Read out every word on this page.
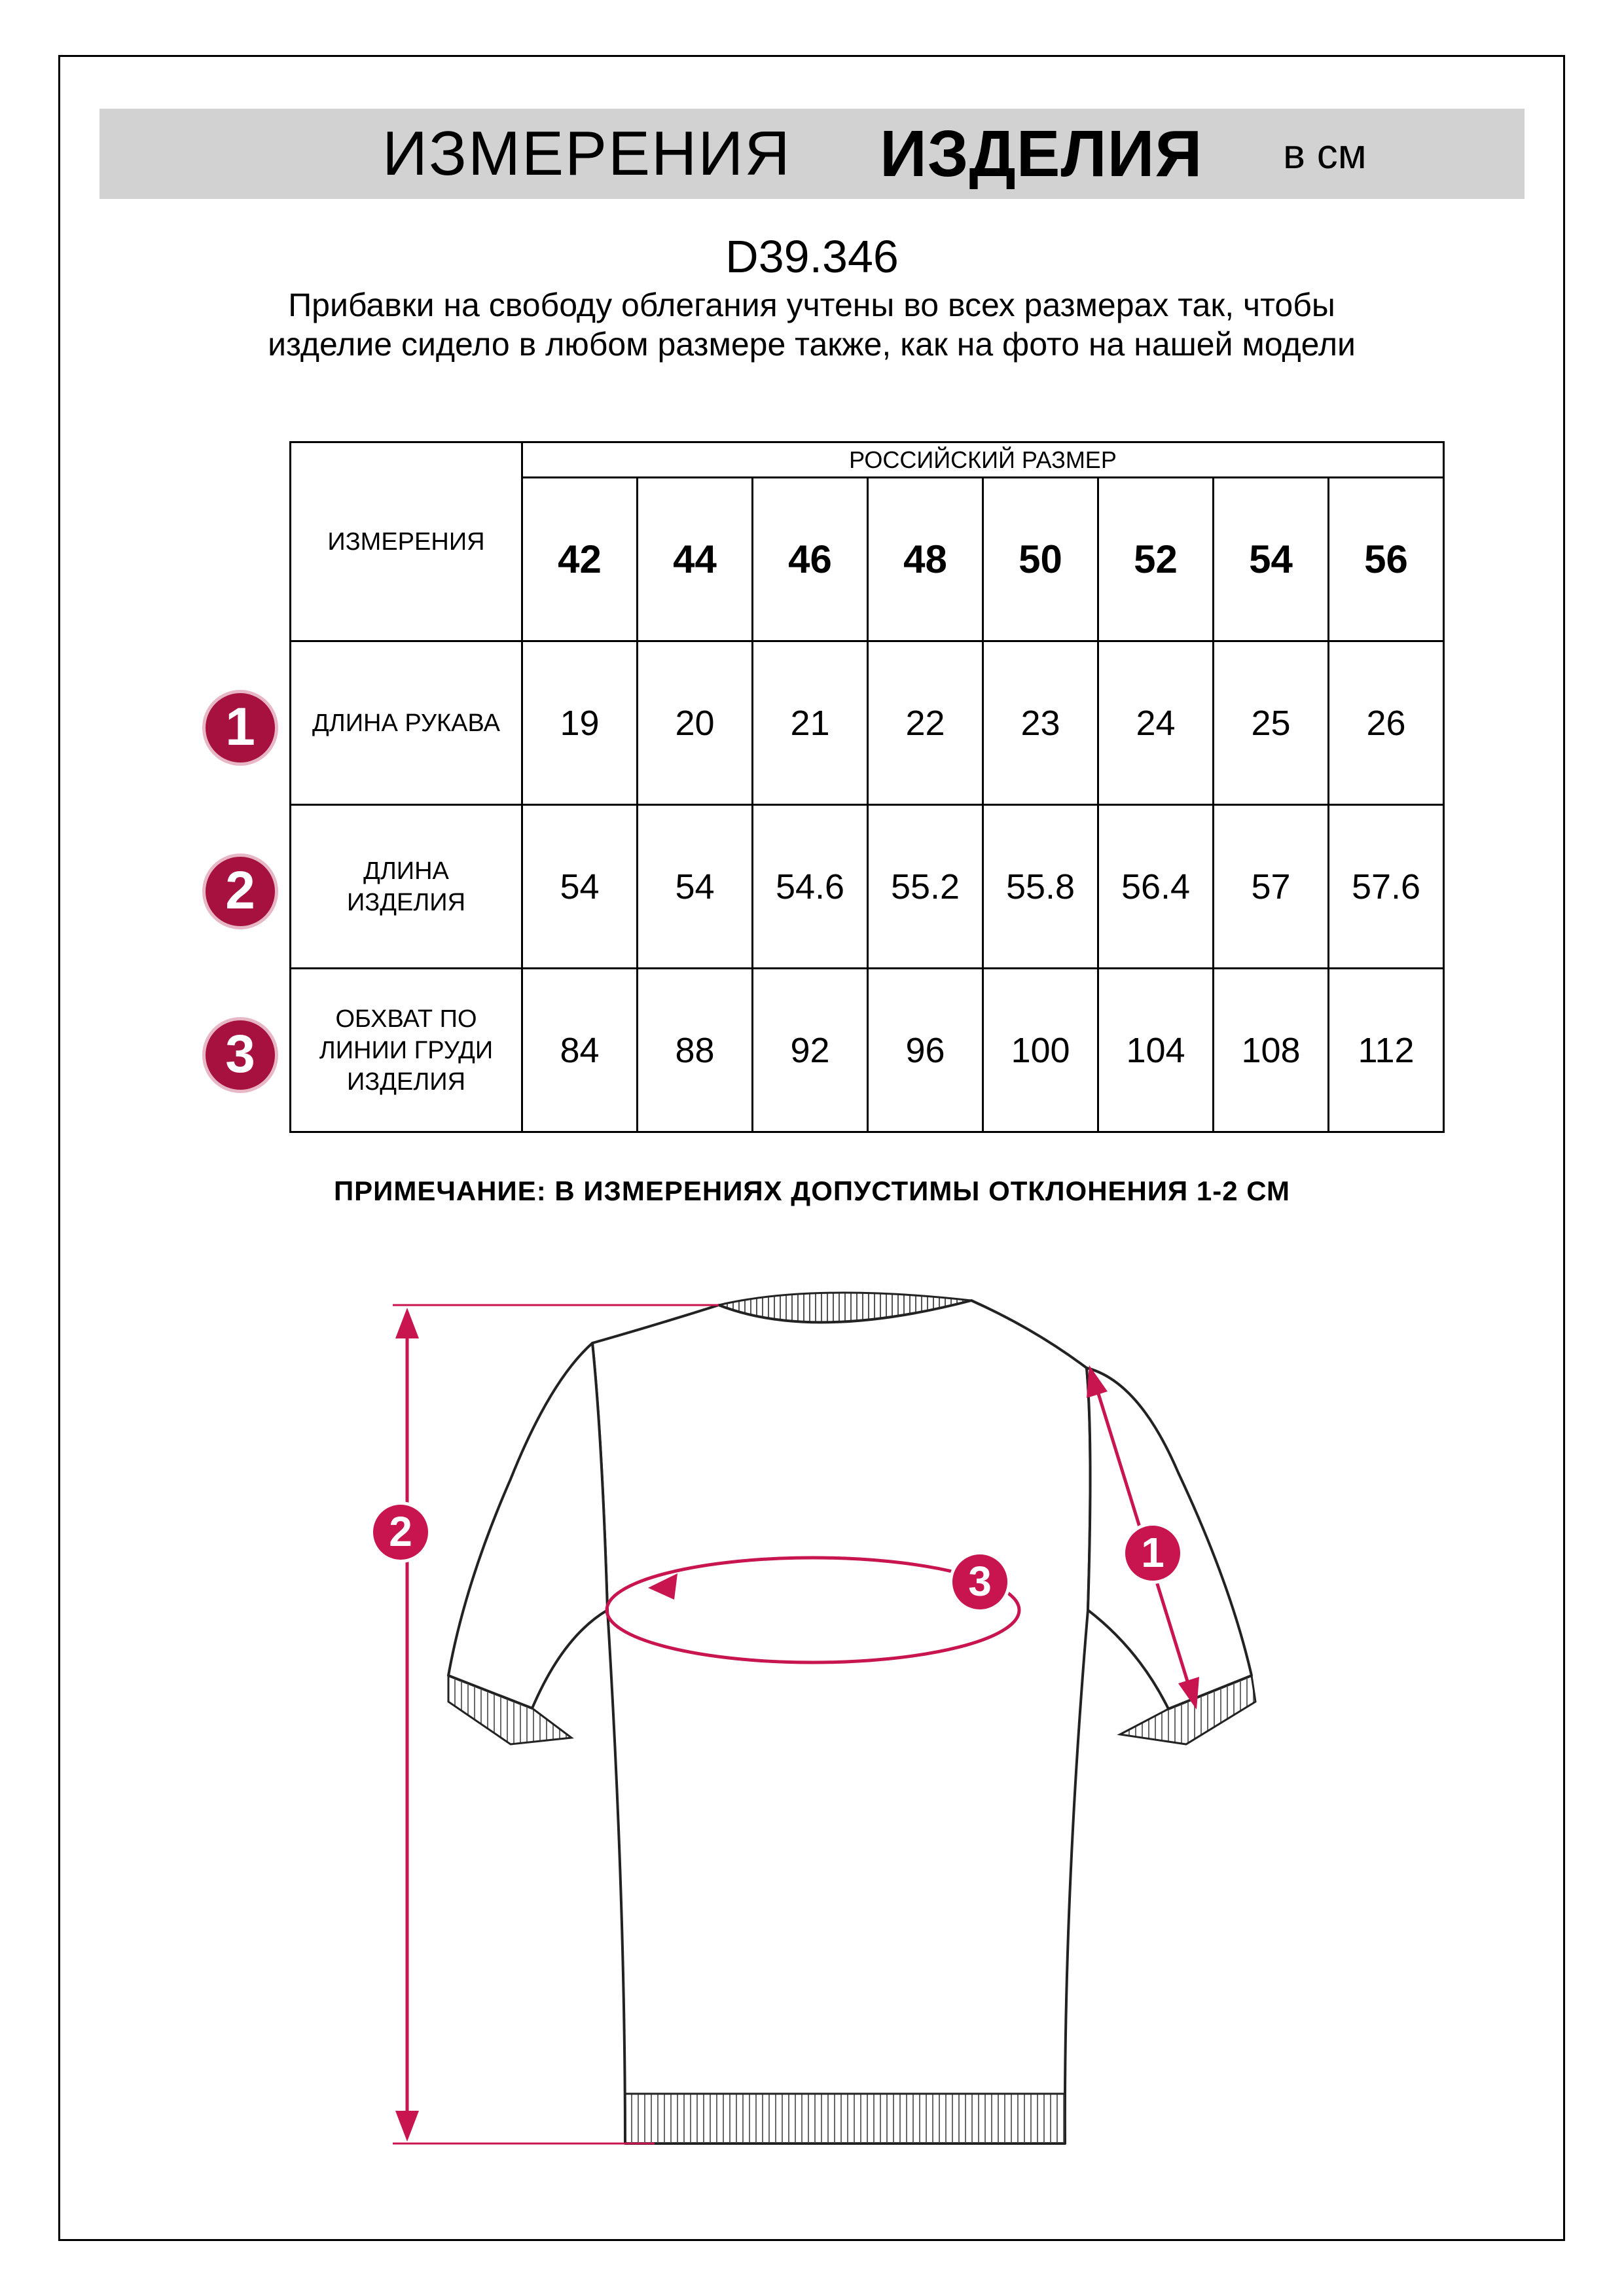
ИЗМЕРЕНИЯ ИЗДЕЛИЯ в см
D39.346
Прибавки на свободу облегания учтены во всех размерах так, чтобы изделие сидело в любом размере также, как на фото на нашей модели
ИЗМЕРЕНИЯ	РОССИЙСКИЙ РАЗМЕР							
	42	44	46	48	50	52	54	56
ДЛИНА РУКАВА	19	20	21	22	23	24	25	26
ДЛИНА ИЗДЕЛИЯ	54	54	54.6	55.2	55.8	56.4	57	57.6
ОБХВАТ ПО ЛИНИИ ГРУДИ ИЗДЕЛИЯ	84	88	92	96	100	104	108	112
1
2
3
ПРИМЕЧАНИЕ: В ИЗМЕРЕНИЯХ ДОПУСТИМЫ ОТКЛОНЕНИЯ 1-2 СМ
2
3
1
